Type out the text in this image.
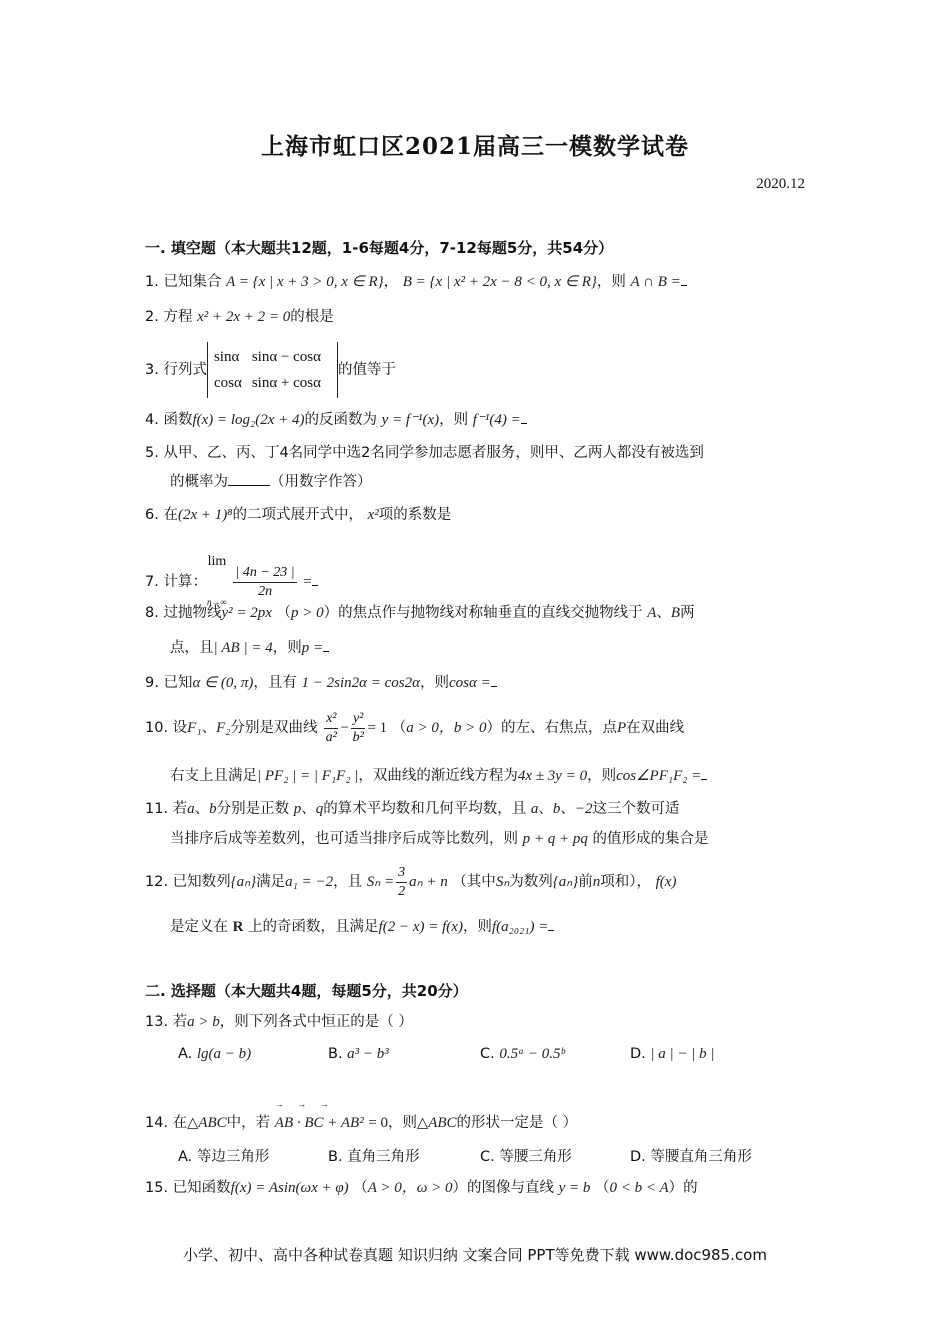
上海市虹口区2021届高三一模数学试卷
2020.12
一. 填空题（本大题共12题，1-6每题4分，7-12每题5分，共54分）
1. 已知集合 A = {x | x + 3 > 0, x ∈ R}， B = {x | x² + 2x − 8 < 0, x ∈ R}，则 A ∩ B =
2. 方程 x² + 2x + 2 = 0的根是
3. 行列式
sinα	sinα − cosα
cosα	sinα + cosα
的值等于
4. 函数f(x) = log₂(2x + 4)的反函数为 y = f⁻¹(x)，则 f⁻¹(4) =
5. 从甲、乙、丙、丁4名同学中选2名同学参加志愿者服务，则甲、乙两人都没有被选到
的概率为	（用数字作答）
6. 在(2x + 1)⁸的二项式展开式中， x²项的系数是
7. 计算：lim
n→∞

$\frac{| 4n - 23 |}{2n}$ =
8. 过抛物线y² = 2px （p > 0）的焦点作与抛物线对称轴垂直的直线交抛物线于 A、B两
点，且| AB | = 4，则p =
9. 已知α ∈ (0, π)，且有 1 − 2sin2α = cos2α，则cosα =
10. 设F₁、F₂分别是双曲线 $\frac{\text{x²}}{\text{a²}} - \frac{\text{y²}}{\text{b²}} = 1$ （a > 0，b > 0）的左、右焦点，点P在双曲线
右支上且满足| PF₂ | = | F₁F₂ |，双曲线的渐近线方程为4x ± 3y = 0，则cos∠PF₁F₂ =
11. 若a、b分别是正数 p、q的算术平均数和几何平均数，且 a、b、−2这三个数可适
当排序后成等差数列，也可适当排序后成等比数列，则 p + q + pq 的值形成的集合是
12. 已知数列{aₙ}满足a₁ = −2，且 $S_n = \frac{3}{2}$ aₙ + n （其中Sₙ为数列{aₙ}前n项和）， f(x)
是定义在 R 上的奇函数，且满足f(2 − x) = f(x)，则f(a₂₀₂₁) =
二. 选择题（本大题共4题，每题5分，共20分）
13. 若a > b，则下列各式中恒正的是（ ）
A. lg(a − b)	B. a³ − b³	C. 0.5ᵃ − 0.5ᵇ	D. | a | − | b |
14. 在△ABC中，若
→      →      →
AB · BC + AB² = 0，则△ABC的形状一定是（ ）
A. 等边三角形	B. 直角三角形	C. 等腰三角形	D. 等腰直角三角形
15. 已知函数f(x) = Asin(ωx + φ) （A > 0，ω > 0）的图像与直线 y = b （0 < b < A）的
小学、初中、高中各种试卷真题 知识归纳 文案合同 PPT等免费下载 www.doc985.com
